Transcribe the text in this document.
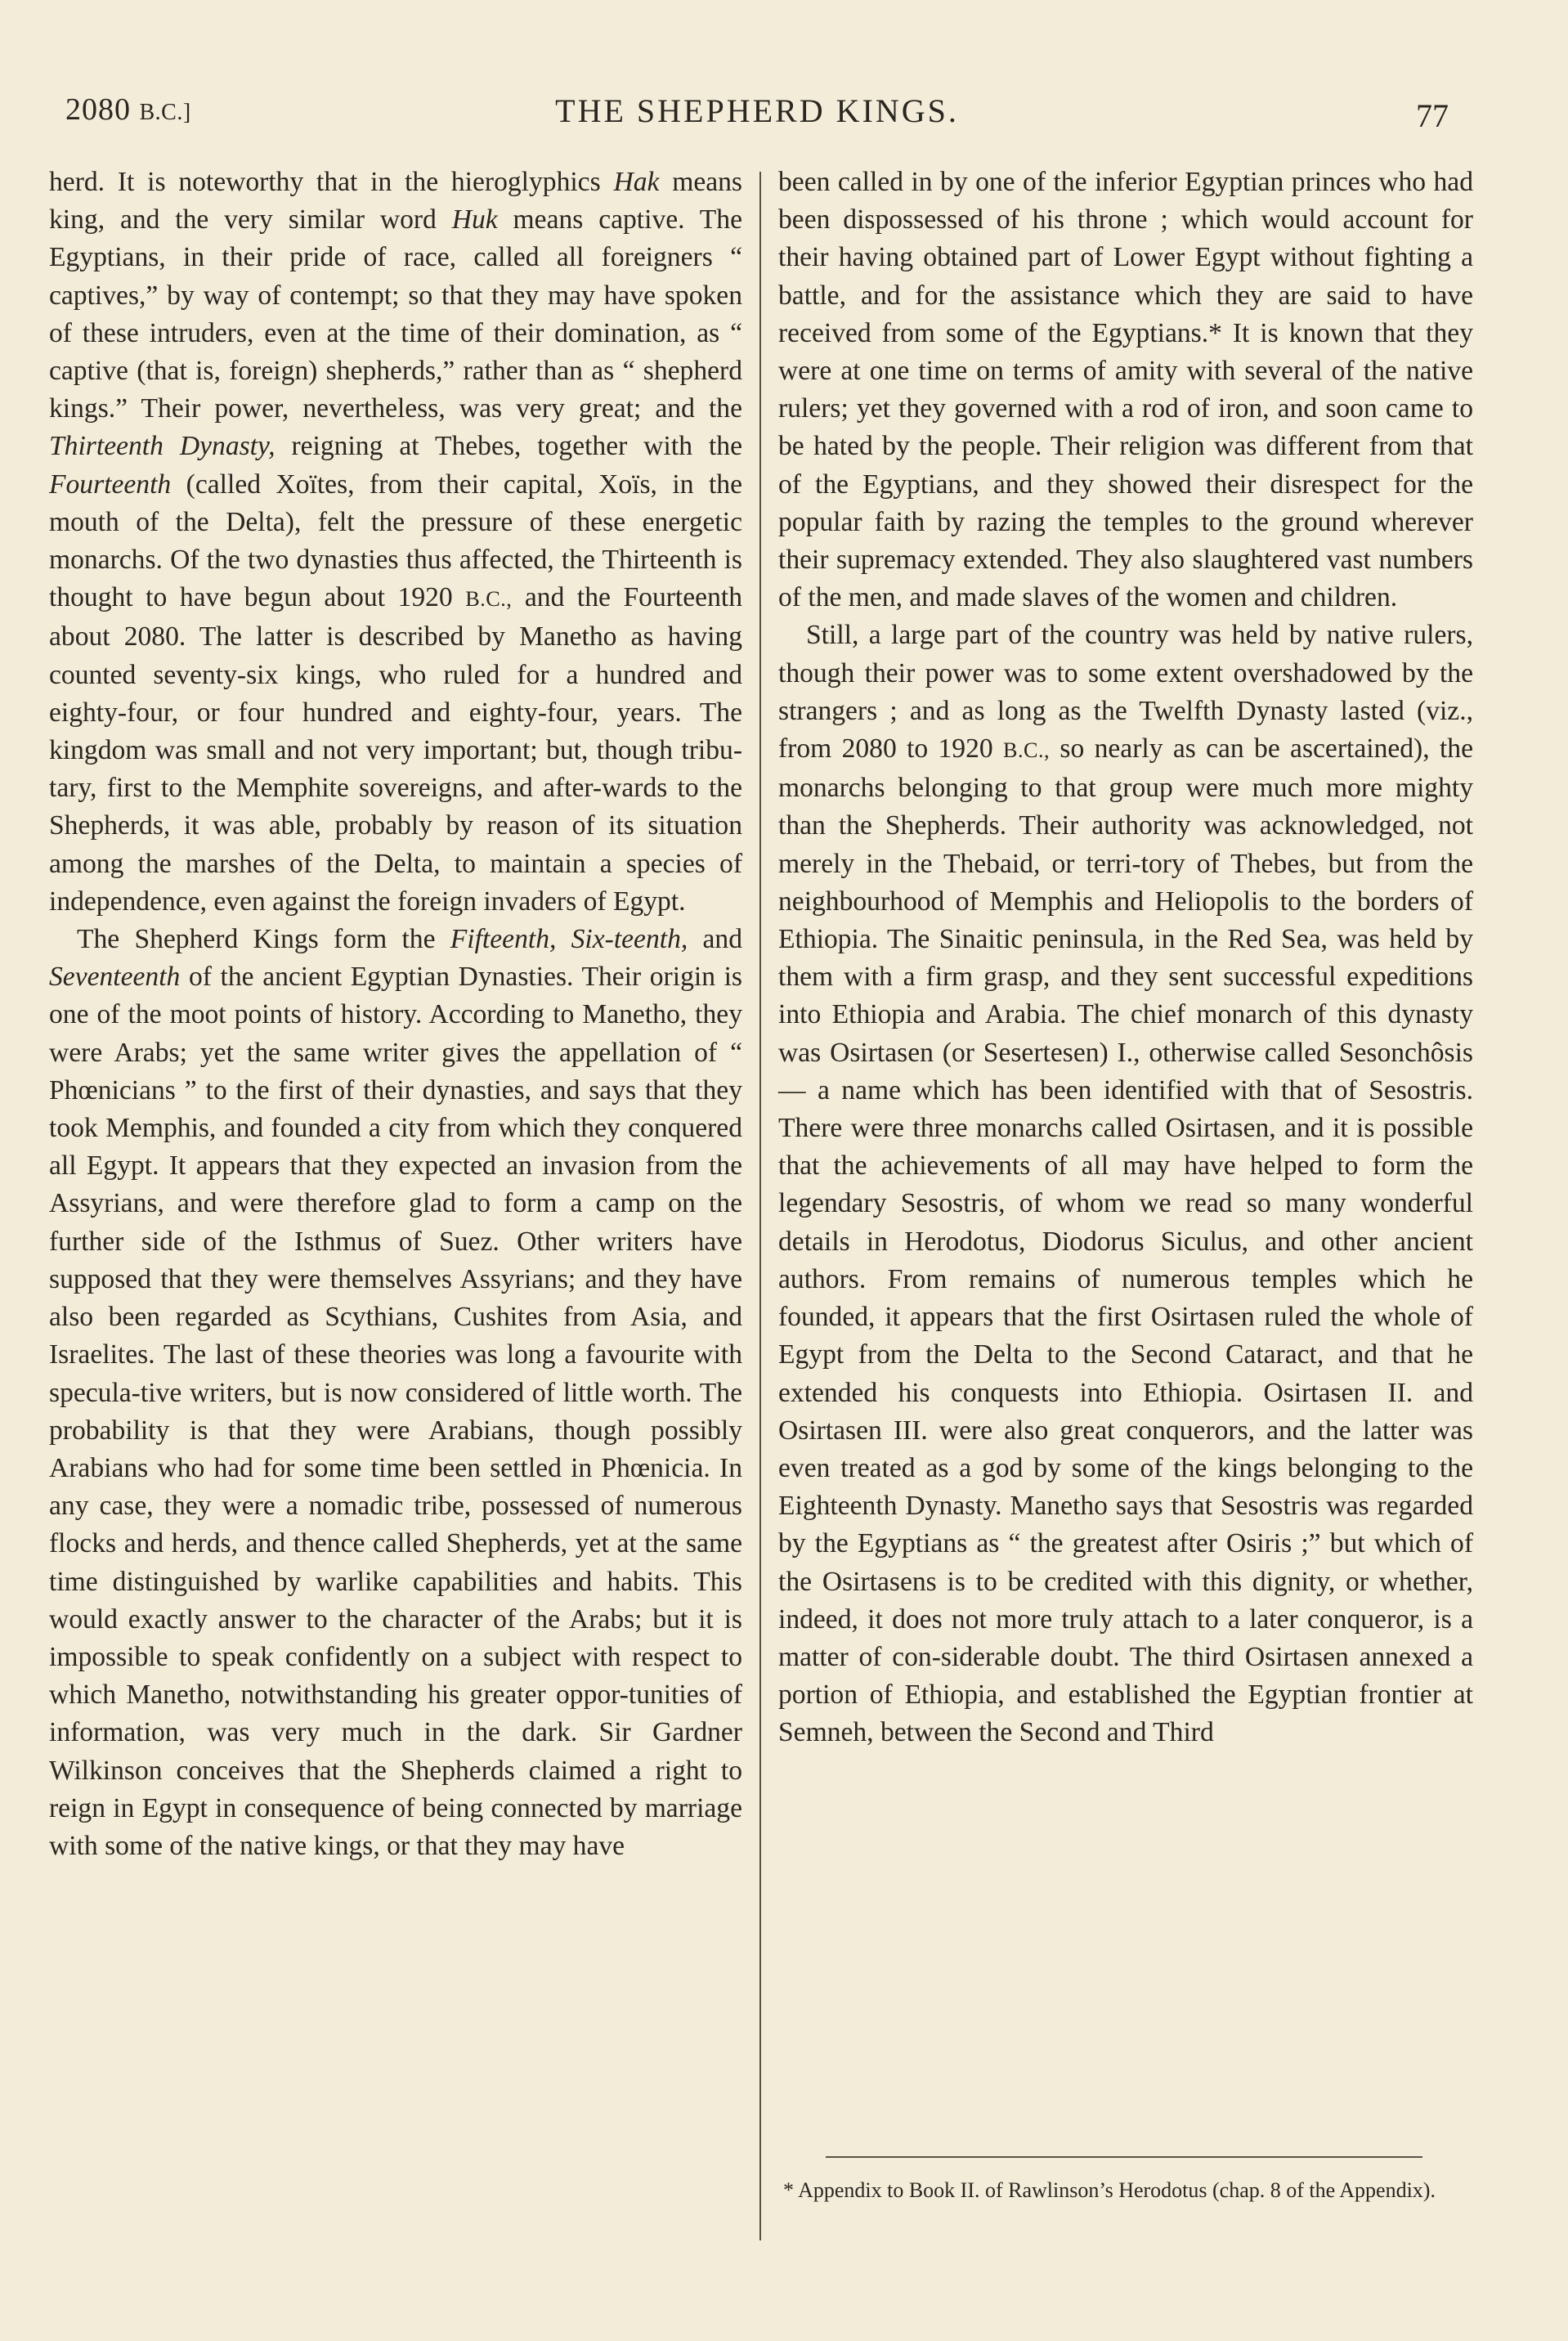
2080 B.C.]	THE SHEPHERD KINGS.	77

herd. It is noteworthy that in the hieroglyphics Hak means king, and the very similar word Huk means captive. The Egyptians, in their pride of race, called all foreigners “ captives,” by way of contempt; so that they may have spoken of these intruders, even at the time of their domination, as “ captive (that is, foreign) shepherds,” rather than as “ shepherd kings.” Their power, nevertheless, was very great; and the Thirteenth Dynasty, reigning at Thebes, together with the Fourteenth (called Xoïtes, from their capital, Xoïs, in the mouth of the Delta), felt the pressure of these energetic monarchs. Of the two dynasties thus affected, the Thirteenth is thought to have begun about 1920 B.C., and the Fourteenth about 2080. The latter is described by Manetho as having counted seventy-six kings, who ruled for a hundred and eighty-four, or four hundred and eighty-four, years. The kingdom was small and not very important; but, though tribu-tary, first to the Memphite sovereigns, and after-wards to the Shepherds, it was able, probably by reason of its situation among the marshes of the Delta, to maintain a species of independence, even against the foreign invaders of Egypt.

The Shepherd Kings form the Fifteenth, Six-teenth, and Seventeenth of the ancient Egyptian Dynasties. Their origin is one of the moot points of history. According to Manetho, they were Arabs; yet the same writer gives the appellation of “ Phœnicians ” to the first of their dynasties, and says that they took Memphis, and founded a city from which they conquered all Egypt. It appears that they expected an invasion from the Assyrians, and were therefore glad to form a camp on the further side of the Isthmus of Suez. Other writers have supposed that they were themselves Assyrians; and they have also been regarded as Scythians, Cushites from Asia, and Israelites. The last of these theories was long a favourite with specula-tive writers, but is now considered of little worth. The probability is that they were Arabians, though possibly Arabians who had for some time been settled in Phœnicia. In any case, they were a nomadic tribe, possessed of numerous flocks and herds, and thence called Shepherds, yet at the same time distinguished by warlike capabilities and habits. This would exactly answer to the character of the Arabs; but it is impossible to speak confidently on a subject with respect to which Manetho, notwithstanding his greater oppor-tunities of information, was very much in the dark. Sir Gardner Wilkinson conceives that the Shepherds claimed a right to reign in Egypt in consequence of being connected by marriage with some of the native kings, or that they may have

been called in by one of the inferior Egyptian princes who had been dispossessed of his throne ; which would account for their having obtained part of Lower Egypt without fighting a battle, and for the assistance which they are said to have received from some of the Egyptians.* It is known that they were at one time on terms of amity with several of the native rulers; yet they governed with a rod of iron, and soon came to be hated by the people. Their religion was different from that of the Egyptians, and they showed their disrespect for the popular faith by razing the temples to the ground wherever their supremacy extended. They also slaughtered vast numbers of the men, and made slaves of the women and children.

Still, a large part of the country was held by native rulers, though their power was to some extent overshadowed by the strangers ; and as long as the Twelfth Dynasty lasted (viz., from 2080 to 1920 B.C., so nearly as can be ascertained), the monarchs belonging to that group were much more mighty than the Shepherds. Their authority was acknowledged, not merely in the Thebaid, or terri-tory of Thebes, but from the neighbourhood of Memphis and Heliopolis to the borders of Ethiopia. The Sinaitic peninsula, in the Red Sea, was held by them with a firm grasp, and they sent successful expeditions into Ethiopia and Arabia. The chief monarch of this dynasty was Osirtasen (or Sesertesen) I., otherwise called Sesonchôsis— a name which has been identified with that of Sesostris. There were three monarchs called Osirtasen, and it is possible that the achievements of all may have helped to form the legendary Sesostris, of whom we read so many wonderful details in Herodotus, Diodorus Siculus, and other ancient authors. From remains of numerous temples which he founded, it appears that the first Osirtasen ruled the whole of Egypt from the Delta to the Second Cataract, and that he extended his conquests into Ethiopia. Osirtasen II. and Osirtasen III. were also great conquerors, and the latter was even treated as a god by some of the kings belonging to the Eighteenth Dynasty. Manetho says that Sesostris was regarded by the Egyptians as “ the greatest after Osiris ;” but which of the Osirtasens is to be credited with this dignity, or whether, indeed, it does not more truly attach to a later conqueror, is a matter of con-siderable doubt. The third Osirtasen annexed a portion of Ethiopia, and established the Egyptian frontier at Semneh, between the Second and Third

* Appendix to Book II. of Rawlinson’s Herodotus (chap. 8 of the Appendix).
